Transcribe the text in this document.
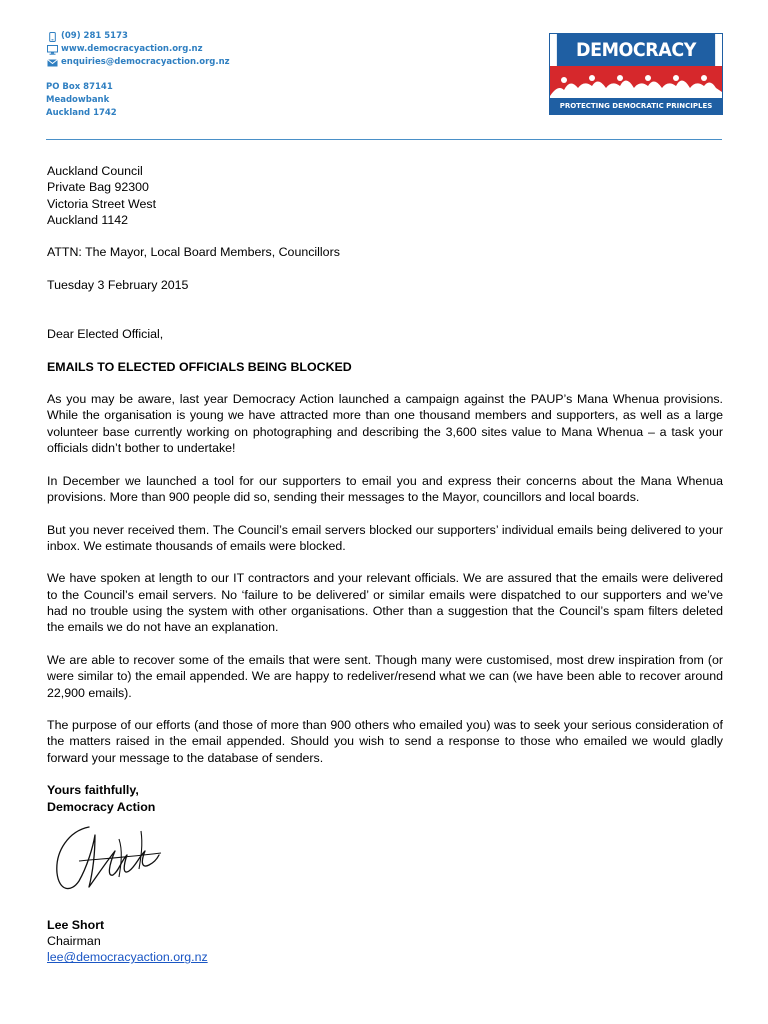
(09) 281 5173
www.democracyaction.org.nz
enquiries@democracyaction.org.nz
PO Box 87141
Meadowbank
Auckland 1742
DEMOCRACY
PROTECTING DEMOCRATIC PRINCIPLES

Auckland Council

Private Bag 92300

Victoria Street West

Auckland 1142

ATTN: The Mayor, Local Board Members, Councillors

Tuesday 3 February 2015

Dear Elected Official,

EMAILS TO ELECTED OFFICIALS BEING BLOCKED

As you may be aware, last year Democracy Action launched a campaign against the PAUP’s Mana Whenua provisions. While the organisation is young we have attracted more than one thousand members and supporters, as well as a large volunteer base currently working on photographing and describing the 3,600 sites value to Mana Whenua – a task your officials didn’t bother to undertake!

In December we launched a tool for our supporters to email you and express their concerns about the Mana Whenua provisions. More than 900 people did so, sending their messages to the Mayor, councillors and local boards.

But you never received them. The Council’s email servers blocked our supporters’ individual emails being delivered to your inbox. We estimate thousands of emails were blocked.

We have spoken at length to our IT contractors and your relevant officials. We are assured that the emails were delivered to the Council’s email servers. No ‘failure to be delivered’ or similar emails were dispatched to our supporters and we’ve had no trouble using the system with other organisations. Other than a suggestion that the Council’s spam filters deleted the emails we do not have an explanation.

We are able to recover some of the emails that were sent. Though many were customised, most drew inspiration from (or were similar to) the email appended. We are happy to redeliver/resend what we can (we have been able to recover around 22,900 emails).

The purpose of our efforts (and those of more than 900 others who emailed you) was to seek your serious consideration of the matters raised in the email appended. Should you wish to send a response to those who emailed we would gladly forward your message to the database of senders.

Yours faithfully,

Democracy Action

Lee Short

Chairman

lee@democracyaction.org.nz
